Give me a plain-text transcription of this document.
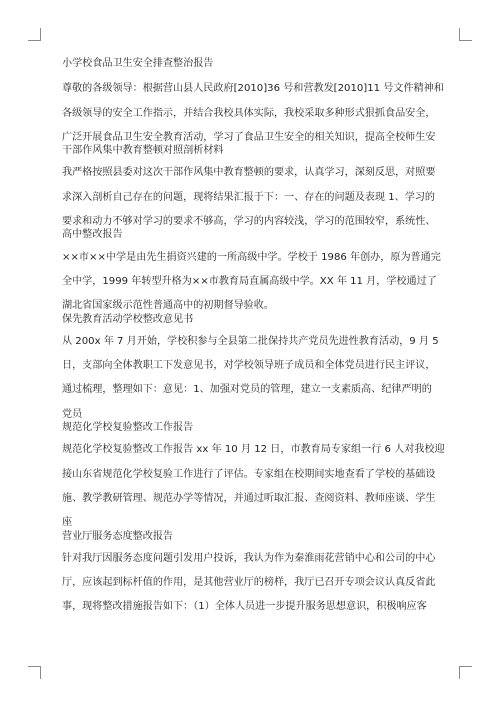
小学校食品卫生安全排查整治报告
尊敬的各级领导：根据营山县人民政府[2010]36 号和营教发[2010]11 号文件精神和
各级领导的安全工作指示，并结合我校具体实际，我校采取多种形式狠抓食品安全，
广泛开展食品卫生安全教育活动，学习了食品卫生安全的相关知识，提高全校师生安
干部作风集中教育整顿对照剖析材料
我严格按照县委对这次干部作风集中教育整顿的要求，认真学习，深刻反思，对照要
求深入剖析自己存在的问题，现将结果汇报于下：一、存在的问题及表现 1、学习的
要求和动力不够对学习的要求不够高，学习的内容较浅，学习的范围较窄，系统性、
高中整改报告
××市××中学是由先生捐资兴建的一所高级中学。学校于 1986 年创办，原为普通完
全中学，1999 年转型升格为××市教育局直属高级中学。XX 年 11 月，学校通过了
湖北省国家级示范性普通高中的初期督导验收。
保先教育活动学校整改意见书
从 200x 年 7 月开始，学校积参与全县第二批保持共产党员先进性教育活动，9 月 5
日，支部向全体教职工下发意见书，对学校领导班子成员和全体党员进行民主评议，
通过梳理，整理如下：意见：1、加强对党员的管理，建立一支素质高、纪律严明的
党员
规范化学校复验整改工作报告
规范化学校复验整改工作报告 xx 年 10 月 12 日，市教育局专家组一行 6 人对我校迎
接山东省规范化学校复验工作进行了评估。专家组在校期间实地查看了学校的基础设
施、教学教研管理、规范办学等情况，并通过听取汇报、查阅资料、教师座谈、学生
座
营业厅服务态度整改报告
针对我厅因服务态度问题引发用户投诉，我认为作为秦淮雨花营销中心和公司的中心
厅，应该起到标杆值的作用，是其他营业厅的榜样，我厅已召开专项会议认真反省此
事，现将整改措施报告如下：（1）全体人员进一步提升服务思想意识，积极响应客
